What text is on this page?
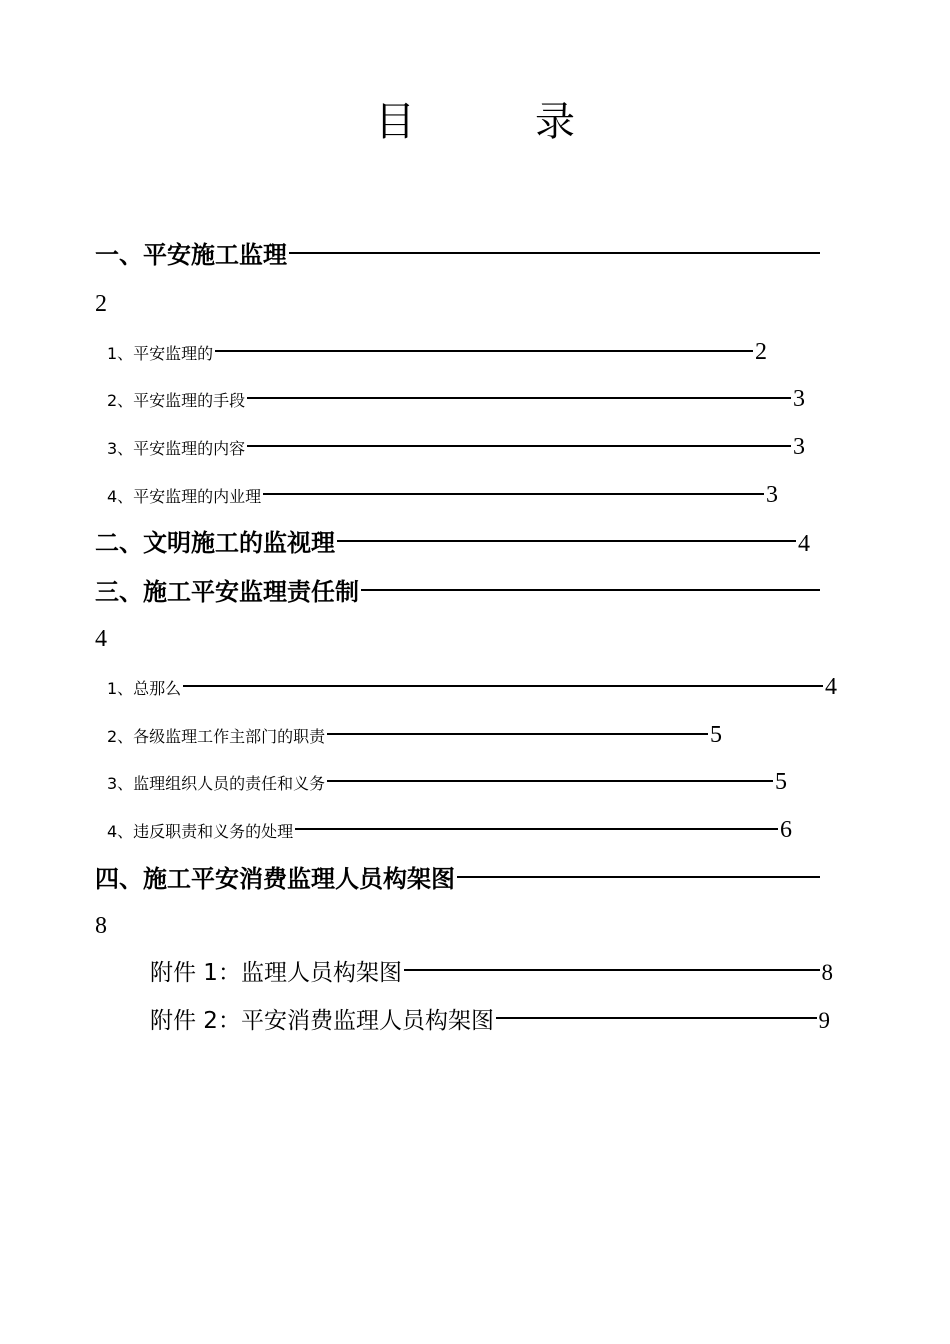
目	录
一、平安施工监理
2
1、平安监理的	2
2、平安监理的手段	3
3、平安监理的内容	3
4、平安监理的内业理	3
二、文明施工的监视理	4
三、施工平安监理责任制
4
1、总那么	4
2、各级监理工作主部门的职责	5
3、监理组织人员的责任和义务	5
4、违反职责和义务的处理	6
四、施工平安消费监理人员构架图
8
附件 1：监理人员构架图	8
附件 2：平安消费监理人员构架图	9
